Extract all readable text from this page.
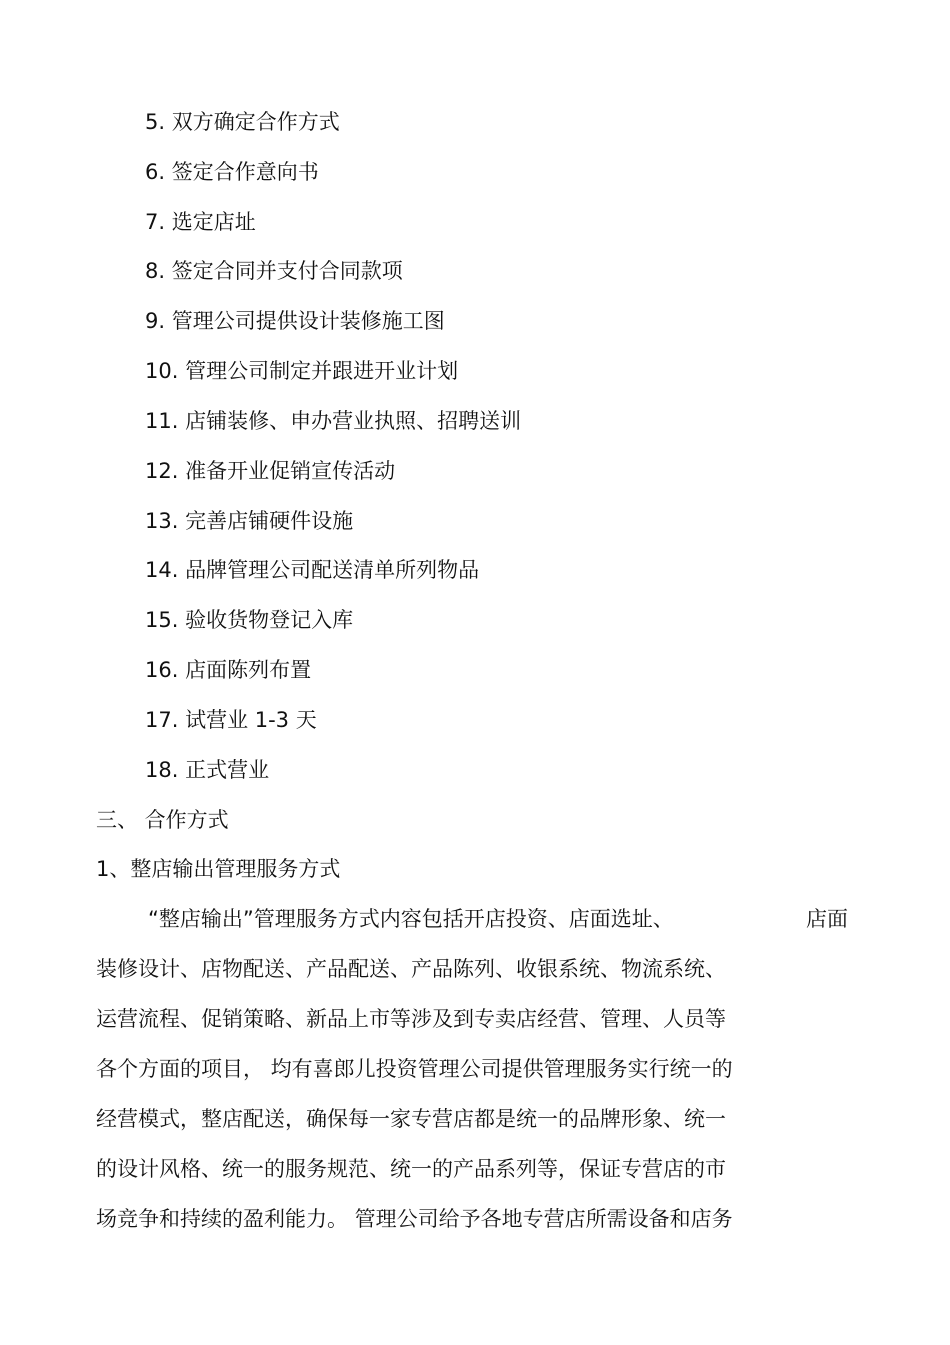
5. 双方确定合作方式
6. 签定合作意向书
7. 选定店址
8. 签定合同并支付合同款项
9. 管理公司提供设计装修施工图
10. 管理公司制定并跟进开业计划
11. 店铺装修、申办营业执照、招聘送训
12. 准备开业促销宣传活动
13. 完善店铺硬件设施
14. 品牌管理公司配送清单所列物品
15. 验收货物登记入库
16. 店面陈列布置
17. 试营业 1-3 天
18. 正式营业
三、 合作方式
1、整店输出管理服务方式
“整店输出”管理服务方式内容包括开店投资、店面选址、	店面
装修设计、店物配送、产品配送、产品陈列、收银系统、物流系统、
运营流程、促销策略、新品上市等涉及到专卖店经营、管理、人员等
各个方面的项目， 均有喜郎儿投资管理公司提供管理服务实行统一的
经营模式，整店配送，确保每一家专营店都是统一的品牌形象、统一
的设计风格、统一的服务规范、统一的产品系列等，保证专营店的市
场竞争和持续的盈利能力。 管理公司给予各地专营店所需设备和店务
